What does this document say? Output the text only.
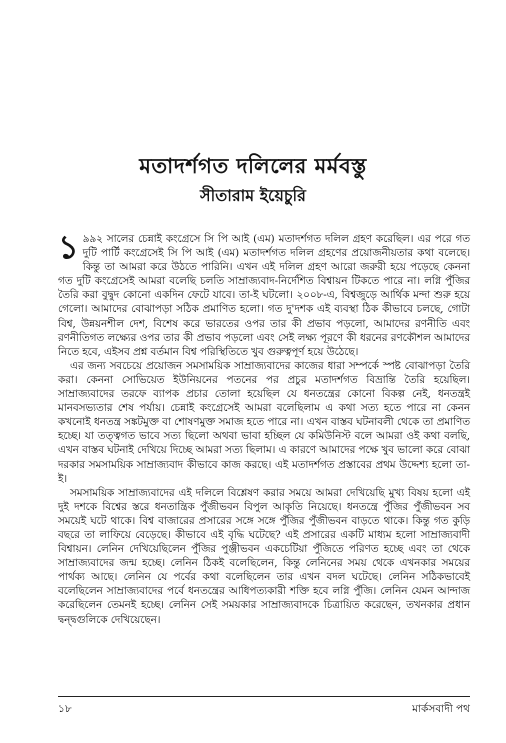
মতাদর্শগত দলিলের মর্মবস্তু
সীতারাম ইয়েচুরি

১ ৯৯২ সালের চেন্নাই কংগ্রেসে সি পি আই (এম) মতাদর্শগত দলিল গ্রহণ করেছিল। এর পরে গত দুটি পার্টি কংগ্রেসেই সি পি আই (এম) মতাদর্শগত দলিল গ্রহণের প্রয়োজনীয়তার কথা বলেছে। কিন্তু তা আমরা করে উঠতে পারিনি। এখন এই দলিল গ্রহণ আরো জরুরী হয়ে পড়েছে কেননা গত দুটি কংগ্রেসেই আমরা বলেছি চলতি সাম্রাজ্যবাদ-নির্দেশিত বিশ্বায়ন টিকতে পারে না। লগ্নি পুঁজির তৈরি করা বুদ্বুদ কোনো একদিন ফেটে যাবে। তা-ই ঘটলো। ২০০৮-এ, বিশ্বজুড়ে আর্থিক মন্দা শুরু হয়ে গেলো। আমাদের বোঝাপড়া সঠিক প্রমাণিত হলো। গত দু'দশক এই ব্যবস্থা ঠিক কীভাবে চলছে, গোটা বিশ্ব, উন্নয়নশীল দেশ, বিশেষ করে ভারতের ওপর তার কী প্রভাব পড়লো, আমাদের রণনীতি এবং রণনীতিগত লক্ষ্যের ওপর তার কী প্রভাব পড়লো এবং সেই লক্ষ্য পূরণে কী ধরনের রণকৌশল আমাদের নিতে হবে, এইসব প্রশ্ন বর্তমান বিশ্ব পরিস্থিতিতে খুব গুরুত্বপূর্ণ হয়ে উঠেছে।

এর জন্য সবচেয়ে প্রয়োজন সমসাময়িক সাম্রাজ্যবাদের কাজের ধারা সম্পর্কে স্পষ্ট বোঝাপড়া তৈরি করা। কেননা সোভিয়েত ইউনিয়নের পতনের পর প্রচুর মতাদর্শগত বিভ্রান্তি তৈরি হয়েছিল। সাম্রাজ্যবাদের তরফে ব্যাপক প্রচার তোলা হয়েছিল যে ধনতন্ত্রের কোনো বিকল্প নেই, ধনতন্ত্রই মানবসভ্যতার শেষ পর্যায়। চেন্নাই কংগ্রেসেই আমরা বলেছিলাম এ কথা সত্য হতে পারে না কেনন কখনোই ধনতন্ত্র সঙ্কটমুক্ত বা শোষণমুক্ত সমাজ হতে পারে না। এখন বাস্তব ঘটনাবলী থেকে তা প্রমাণিত হচ্ছে। যা তত্ত্বগত ভাবে সত্য ছিলো অথবা ভাবা হচ্ছিল যে কমিউনিস্ট বলে আমরা ওই কথা বলছি, এখন বাস্তব ঘটনাই দেখিয়ে দিচ্ছে আমরা সত্য ছিলাম। এ কারণে আমাদের পক্ষে খুব ভালো করে বোঝা দরকার সমসাময়িক সাম্রাজ্যবাদ কীভাবে কাজ করছে। এই মতাদর্শগত প্রস্তাবের প্রথম উদ্দেশ্য হলো তা-ই।

সমসাময়িক সাম্রাজ্যবাদের এই দলিলে বিশ্লেষণ করার সময়ে আমরা দেখিয়েছি মুখ্য বিষয় হলো এই দুই দশকে বিশ্বের স্তরে ধনতান্ত্রিক পুঁজীভবন বিপুল আকৃতি নিয়েছে। ধনতন্ত্রে পুঁজির পুঁজীভবন সব সময়েই ঘটে থাকে। বিশ্ব বাজারের প্রসারের সঙ্গে সঙ্গে পুঁজির পুঁজীভবন বাড়তে থাকে। কিন্তু গত কুড়ি বছরে তা লাফিয়ে বেড়েছে। কীভাবে এই বৃদ্ধি ঘটেছে? এই প্রসারের একটি মাধ্যম হলো সাম্রাজ্যবাদী বিশ্বায়ন। লেনিন দেখিয়েছিলেন পুঁজির পুঞ্জীভবন একচেটিয়া পুঁজিতে পরিণত হচ্ছে এবং তা থেকে সাম্রাজ্যবাদের জন্ম হচ্ছে। লেনিন ঠিকই বলেছিলেন, কিন্তু লেনিনের সময় থেকে এখনকার সময়ের পার্থক্য আছে। লেনিন যে পর্বের কথা বলেছিলেন তার এখন বদল ঘটেছে। লেনিন সঠিকভাবেই বলেছিলেন সাম্রাজ্যবাদের পর্বে ধনতন্ত্রের আধিপত্যকারী শক্তি হবে লগ্নি পুঁজি। লেনিন যেমন আন্দাজ করেছিলেন তেমনই হচ্ছে। লেনিন সেই সময়কার সাম্রাজ্যবাদকে চিত্রায়িত করেছেন, তখনকার প্রধান দ্বন্দ্বগুলিকে দেখিয়েছেন।

১৮	মার্কসবাদী পথ
